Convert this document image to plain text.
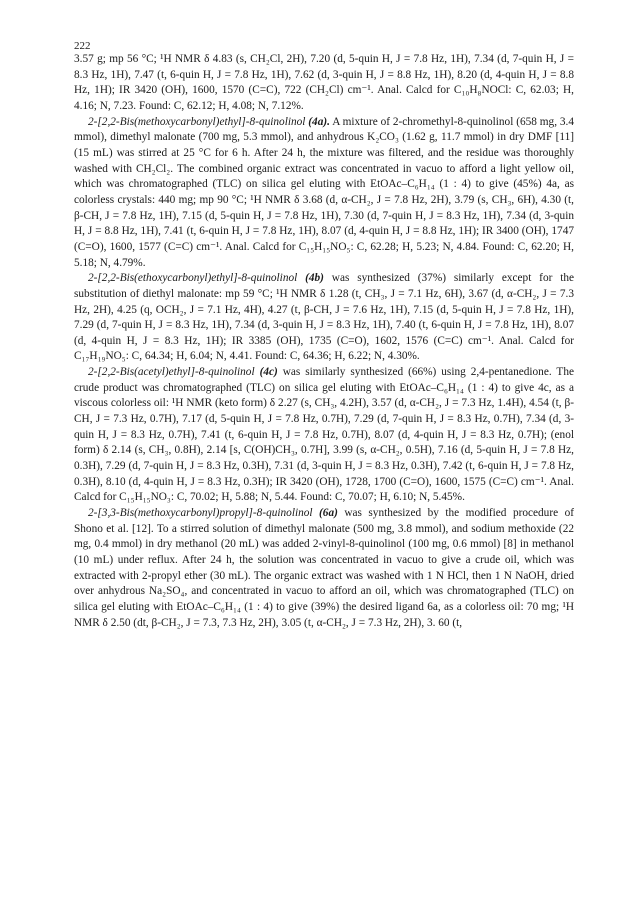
222

3.57 g; mp 56 °C; ¹H NMR δ 4.83 (s, CH₂Cl, 2H), 7.20 (d, 5-quin H, J = 7.8 Hz, 1H), 7.34 (d, 7-quin H, J = 8.3 Hz, 1H), 7.47 (t, 6-quin H, J = 7.8 Hz, 1H), 7.62 (d, 3-quin H, J = 8.8 Hz, 1H), 8.20 (d, 4-quin H, J = 8.8 Hz, 1H); IR 3420 (OH), 1600, 1570 (C=C), 722 (CH₂Cl) cm⁻¹. Anal. Calcd for C₁₀H₈NOCl: C, 62.03; H, 4.16; N, 7.23. Found: C, 62.12; H, 4.08; N, 7.12%.

2-[2,2-Bis(methoxycarbonyl)ethyl]-8-quinolinol (4a). A mixture of 2-chromethyl-8-quinolinol (658 mg, 3.4 mmol), dimethyl malonate (700 mg, 5.3 mmol), and anhydrous K₂CO₃ (1.62 g, 11.7 mmol) in dry DMF [11] (15 mL) was stirred at 25 °C for 6 h. After 24 h, the mixture was filtered, and the residue was thoroughly washed with CH₂Cl₂. The combined organic extract was concentrated in vacuo to afford a light yellow oil, which was chromatographed (TLC) on silica gel eluting with EtOAc–C₆H₁₄ (1 : 4) to give (45%) 4a, as colorless crystals: 440 mg; mp 90 °C; ¹H NMR δ 3.68 (d, α-CH₂, J = 7.8 Hz, 2H), 3.79 (s, CH₃, 6H), 4.30 (t, β-CH, J = 7.8 Hz, 1H), 7.15 (d, 5-quin H, J = 7.8 Hz, 1H), 7.30 (d, 7-quin H, J = 8.3 Hz, 1H), 7.34 (d, 3-quin H, J = 8.8 Hz, 1H), 7.41 (t, 6-quin H, J = 7.8 Hz, 1H), 8.07 (d, 4-quin H, J = 8.8 Hz, 1H); IR 3400 (OH), 1747 (C=O), 1600, 1577 (C=C) cm⁻¹. Anal. Calcd for C₁₅H₁₅NO₅: C, 62.28; H, 5.23; N, 4.84. Found: C, 62.20; H, 5.18; N, 4.79%.

2-[2,2-Bis(ethoxycarbonyl)ethyl]-8-quinolinol (4b) was synthesized (37%) similarly except for the substitution of diethyl malonate: mp 59 °C; ¹H NMR δ 1.28 (t, CH₃, J = 7.1 Hz, 6H), 3.67 (d, α-CH₂, J = 7.3 Hz, 2H), 4.25 (q, OCH₂, J = 7.1 Hz, 4H), 4.27 (t, β-CH, J = 7.6 Hz, 1H), 7.15 (d, 5-quin H, J = 7.8 Hz, 1H), 7.29 (d, 7-quin H, J = 8.3 Hz, 1H), 7.34 (d, 3-quin H, J = 8.3 Hz, 1H), 7.40 (t, 6-quin H, J = 7.8 Hz, 1H), 8.07 (d, 4-quin H, J = 8.3 Hz, 1H); IR 3385 (OH), 1735 (C=O), 1602, 1576 (C=C) cm⁻¹. Anal. Calcd for C₁₇H₁₉NO₅: C, 64.34; H, 6.04; N, 4.41. Found: C, 64.36; H, 6.22; N, 4.30%.

2-[2,2-Bis(acetyl)ethyl]-8-quinolinol (4c) was similarly synthesized (66%) using 2,4-pentanedione. The crude product was chromatographed (TLC) on silica gel eluting with EtOAc–C₆H₁₄ (1 : 4) to give 4c, as a viscous colorless oil: ¹H NMR (keto form) δ 2.27 (s, CH₃, 4.2H), 3.57 (d, α-CH₂, J = 7.3 Hz, 1.4H), 4.54 (t, β-CH, J = 7.3 Hz, 0.7H), 7.17 (d, 5-quin H, J = 7.8 Hz, 0.7H), 7.29 (d, 7-quin H, J = 8.3 Hz, 0.7H), 7.34 (d, 3-quin H, J = 8.3 Hz, 0.7H), 7.41 (t, 6-quin H, J = 7.8 Hz, 0.7H), 8.07 (d, 4-quin H, J = 8.3 Hz, 0.7H); (enol form) δ 2.14 (s, CH₃, 0.8H), 2.14 [s, C(OH)CH₃, 0.7H], 3.99 (s, α-CH₂, 0.5H), 7.16 (d, 5-quin H, J = 7.8 Hz, 0.3H), 7.29 (d, 7-quin H, J = 8.3 Hz, 0.3H), 7.31 (d, 3-quin H, J = 8.3 Hz, 0.3H), 7.42 (t, 6-quin H, J = 7.8 Hz, 0.3H), 8.10 (d, 4-quin H, J = 8.3 Hz, 0.3H); IR 3420 (OH), 1728, 1700 (C=O), 1600, 1575 (C=C) cm⁻¹. Anal. Calcd for C₁₅H₁₅NO₃: C, 70.02; H, 5.88; N, 5.44. Found: C, 70.07; H, 6.10; N, 5.45%.

2-[3,3-Bis(methoxycarbonyl)propyl]-8-quinolinol (6a) was synthesized by the modified procedure of Shono et al. [12]. To a stirred solution of dimethyl malonate (500 mg, 3.8 mmol), and sodium methoxide (22 mg, 0.4 mmol) in dry methanol (20 mL) was added 2-vinyl-8-quinolinol (100 mg, 0.6 mmol) [8] in methanol (10 mL) under reflux. After 24 h, the solution was concentrated in vacuo to give a crude oil, which was extracted with 2-propyl ether (30 mL). The organic extract was washed with 1 N HCl, then 1 N NaOH, dried over anhydrous Na₂SO₄, and concentrated in vacuo to afford an oil, which was chromatographed (TLC) on silica gel eluting with EtOAc–C₆H₁₄ (1 : 4) to give (39%) the desired ligand 6a, as a colorless oil: 70 mg; ¹H NMR δ 2.50 (dt, β-CH₂, J = 7.3, 7.3 Hz, 2H), 3.05 (t, α-CH₂, J = 7.3 Hz, 2H), 3. 60 (t,
